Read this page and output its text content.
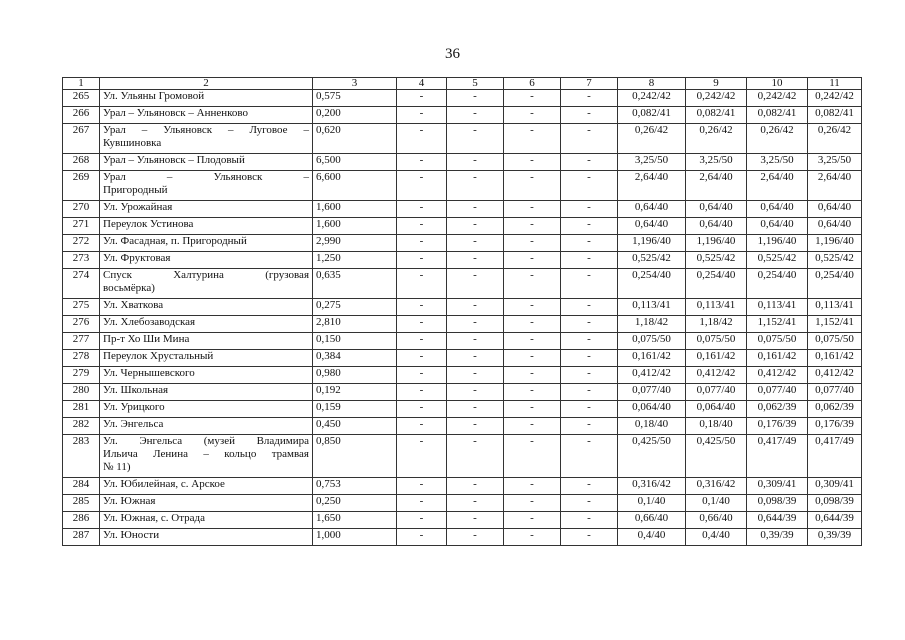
36
1	2	3	4	5	6	7	8	9	10	11
265	Ул. Ульяны Громовой	0,575	-	-	-	-	0,242/42	0,242/42	0,242/42	0,242/42
266	Урал – Ульяновск – Анненково	0,200	-	-	-	-	0,082/41	0,082/41	0,082/41	0,082/41
267	Урал – Ульяновск – Луговое –
Кувшиновка	0,620	-	-	-	-	0,26/42	0,26/42	0,26/42	0,26/42
268	Урал – Ульяновск – Плодовый	6,500	-	-	-	-	3,25/50	3,25/50	3,25/50	3,25/50
269	Урал – Ульяновск –
Пригородный	6,600	-	-	-	-	2,64/40	2,64/40	2,64/40	2,64/40
270	Ул. Урожайная	1,600	-	-	-	-	0,64/40	0,64/40	0,64/40	0,64/40
271	Переулок Устинова	1,600	-	-	-	-	0,64/40	0,64/40	0,64/40	0,64/40
272	Ул. Фасадная, п. Пригородный	2,990	-	-	-	-	1,196/40	1,196/40	1,196/40	1,196/40
273	Ул. Фруктовая	1,250	-	-	-	-	0,525/42	0,525/42	0,525/42	0,525/42
274	Спуск Халтурина (грузовая
восьмёрка)	0,635	-	-	-	-	0,254/40	0,254/40	0,254/40	0,254/40
275	Ул. Хваткова	0,275	-	-	-	-	0,113/41	0,113/41	0,113/41	0,113/41
276	Ул. Хлебозаводская	2,810	-	-	-	-	1,18/42	1,18/42	1,152/41	1,152/41
277	Пр-т Хо Ши Мина	0,150	-	-	-	-	0,075/50	0,075/50	0,075/50	0,075/50
278	Переулок Хрустальный	0,384	-	-	-	-	0,161/42	0,161/42	0,161/42	0,161/42
279	Ул. Чернышевского	0,980	-	-	-	-	0,412/42	0,412/42	0,412/42	0,412/42
280	Ул. Школьная	0,192	-	-	-	-	0,077/40	0,077/40	0,077/40	0,077/40
281	Ул. Урицкого	0,159	-	-	-	-	0,064/40	0,064/40	0,062/39	0,062/39
282	Ул. Энгельса	0,450	-	-	-	-	0,18/40	0,18/40	0,176/39	0,176/39
283	Ул. Энгельса (музей Владимира
Ильича Ленина – кольцо трамвая
№ 11)	0,850	-	-	-	-	0,425/50	0,425/50	0,417/49	0,417/49
284	Ул. Юбилейная, с. Арское	0,753	-	-	-	-	0,316/42	0,316/42	0,309/41	0,309/41
285	Ул. Южная	0,250	-	-	-	-	0,1/40	0,1/40	0,098/39	0,098/39
286	Ул. Южная, с. Отрада	1,650	-	-	-	-	0,66/40	0,66/40	0,644/39	0,644/39
287	Ул. Юности	1,000	-	-	-	-	0,4/40	0,4/40	0,39/39	0,39/39
